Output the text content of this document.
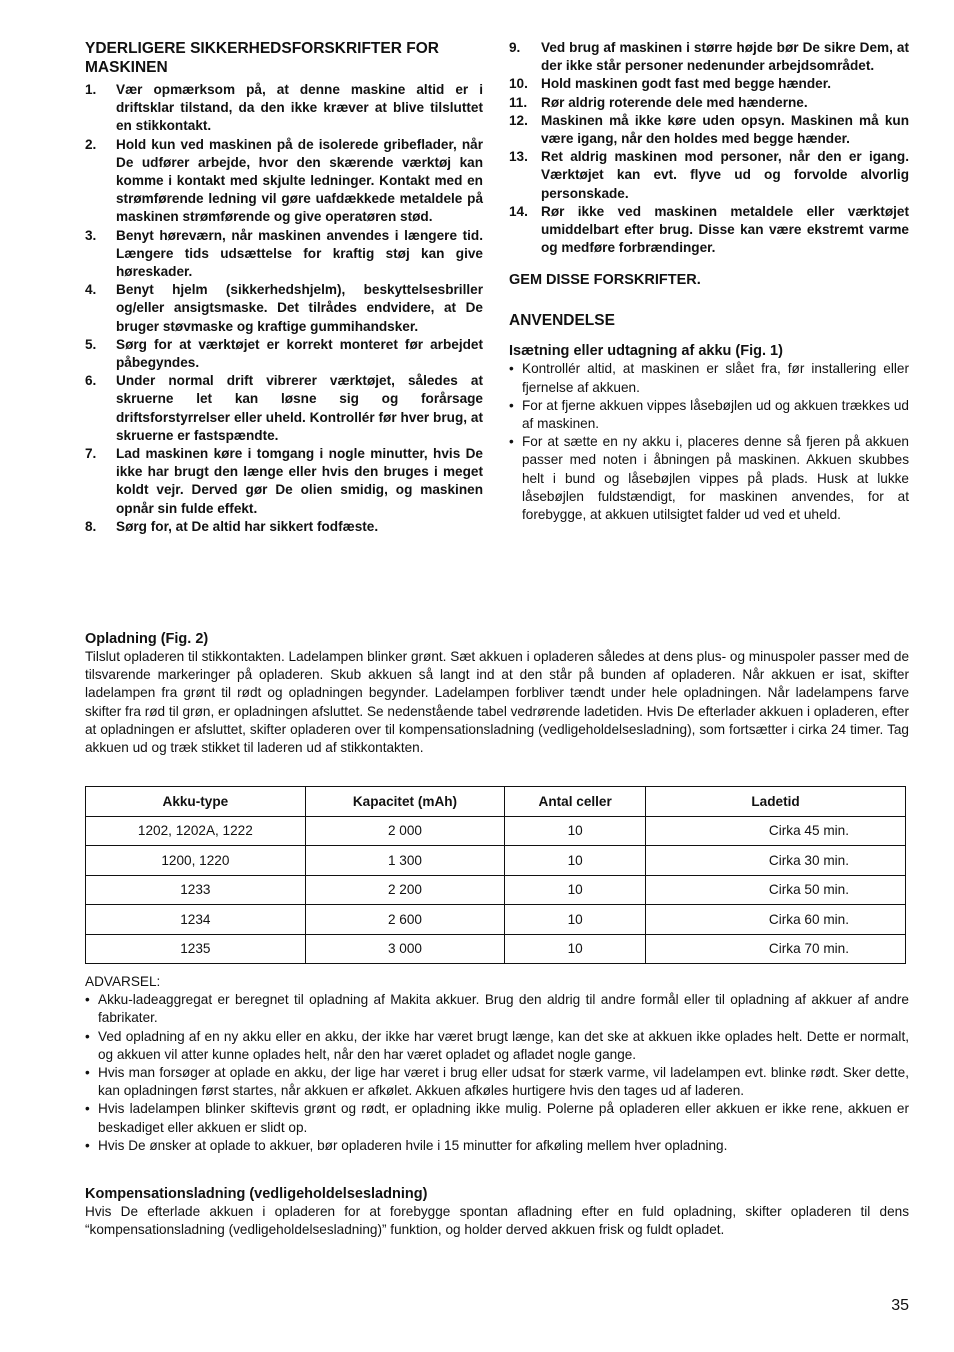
YDERLIGERE SIKKERHEDSFORSKRIFTER FOR MASKINEN
1. Vær opmærksom på, at denne maskine altid er i driftsklar tilstand, da den ikke kræver at blive tilsluttet en stikkontakt.
2. Hold kun ved maskinen på de isolerede gribeflader, når De udfører arbejde, hvor den skærende værktøj kan komme i kontakt med skjulte ledninger. Kontakt med en strømførende ledning vil gøre uafdækkede metaldele på maskinen strømførende og give operatøren stød.
3. Benyt høreværn, når maskinen anvendes i længere tid. Længere tids udsættelse for kraftig støj kan give høreskader.
4. Benyt hjelm (sikkerhedshjelm), beskyttelsesbriller og/eller ansigtsmaske. Det tilrådes endvidere, at De bruger støvmaske og kraftige gummihandsker.
5. Sørg for at værktøjet er korrekt monteret før arbejdet påbegyndes.
6. Under normal drift vibrerer værktøjet, således at skruerne let kan løsne sig og forårsage driftsforstyrrelser eller uheld. Kontrollér før hver brug, at skruerne er fastspændte.
7. Lad maskinen køre i tomgang i nogle minutter, hvis De ikke har brugt den længe eller hvis den bruges i meget koldt vejr. Derved gør De olien smidig, og maskinen opnår sin fulde effekt.
8. Sørg for, at De altid har sikkert fodfæste.
9. Ved brug af maskinen i større højde bør De sikre Dem, at der ikke står personer nedenunder arbejdsområdet.
10. Hold maskinen godt fast med begge hænder.
11. Rør aldrig roterende dele med hænderne.
12. Maskinen må ikke køre uden opsyn. Maskinen må kun være igang, når den holdes med begge hænder.
13. Ret aldrig maskinen mod personer, når den er igang. Værktøjet kan evt. flyve ud og forvolde alvorlig personskade.
14. Rør ikke ved maskinen metaldele eller værktøjet umiddelbart efter brug. Disse kan være ekstremt varme og medføre forbrændinger.
GEM DISSE FORSKRIFTER.
ANVENDELSE
Isætning eller udtagning af akku (Fig. 1)
• Kontrollér altid, at maskinen er slået fra, før installering eller fjernelse af akkuen.
• For at fjerne akkuen vippes låsebøjlen ud og akkuen trækkes ud af maskinen.
• For at sætte en ny akku i, placeres denne så fjeren på akkuen passer med noten i åbningen på maskinen. Akkuen skubbes helt i bund og låsebøjlen vippes på plads. Husk at lukke låsebøjlen fuldstændigt, for maskinen anvendes, for at forebygge, at akkuen utilsigtet falder ud ved et uheld.
Opladning (Fig. 2)

Tilslut opladeren til stikkontakten. Ladelampen blinker grønt. Sæt akkuen i opladeren således at dens plus- og minuspoler passer med de tilsvarende markeringer på opladeren. Skub akkuen så langt ind at den står på bunden af opladeren. Når akkuen er isat, skifter ladelampen fra grønt til rødt og opladningen begynder. Ladelampen forbliver tændt under hele opladningen. Når ladelampens farve skifter fra rød til grøn, er opladningen afsluttet. Se nedenstående tabel vedrørende ladetiden. Hvis De efterlader akkuen i opladeren, efter at opladningen er afsluttet, skifter opladeren over til kompensationsladning (vedligeholdelsesladning), som fortsætter i cirka 24 timer. Tag akkuen ud og træk stikket til laderen ud af stikkontakten.

Akku-type	Kapacitet (mAh)	Antal celler	Ladetid
1202, 1202A, 1222	2 000	10	Cirka 45 min.
1200, 1220	1 300	10	Cirka 30 min.
1233	2 200	10	Cirka 50 min.
1234	2 600	10	Cirka 60 min.
1235	3 000	10	Cirka 70 min.
ADVARSEL:
• Akku-ladeaggregat er beregnet til opladning af Makita akkuer. Brug den aldrig til andre formål eller til opladning af akkuer af andre fabrikater.
• Ved opladning af en ny akku eller en akku, der ikke har været brugt længe, kan det ske at akkuen ikke oplades helt. Dette er normalt, og akkuen vil atter kunne oplades helt, når den har været opladet og afladet nogle gange.
• Hvis man forsøger at oplade en akku, der lige har været i brug eller udsat for stærk varme, vil ladelampen evt. blinke rødt. Sker dette, kan opladningen først startes, når akkuen er afkølet. Akkuen afkøles hurtigere hvis den tages ud af laderen.
• Hvis ladelampen blinker skiftevis grønt og rødt, er opladning ikke mulig. Polerne på opladeren eller akkuen er ikke rene, akkuen er beskadiget eller akkuen er slidt op.
• Hvis De ønsker at oplade to akkuer, bør opladeren hvile i 15 minutter for afkøling mellem hver opladning.
Kompensationsladning (vedligeholdelsesladning)

Hvis De efterlade akkuen i opladeren for at forebygge spontan afladning efter en fuld opladning, skifter opladeren til dens “kompensationsladning (vedligeholdelsesladning)” funktion, og holder derved akkuen frisk og fuldt opladet.

35
